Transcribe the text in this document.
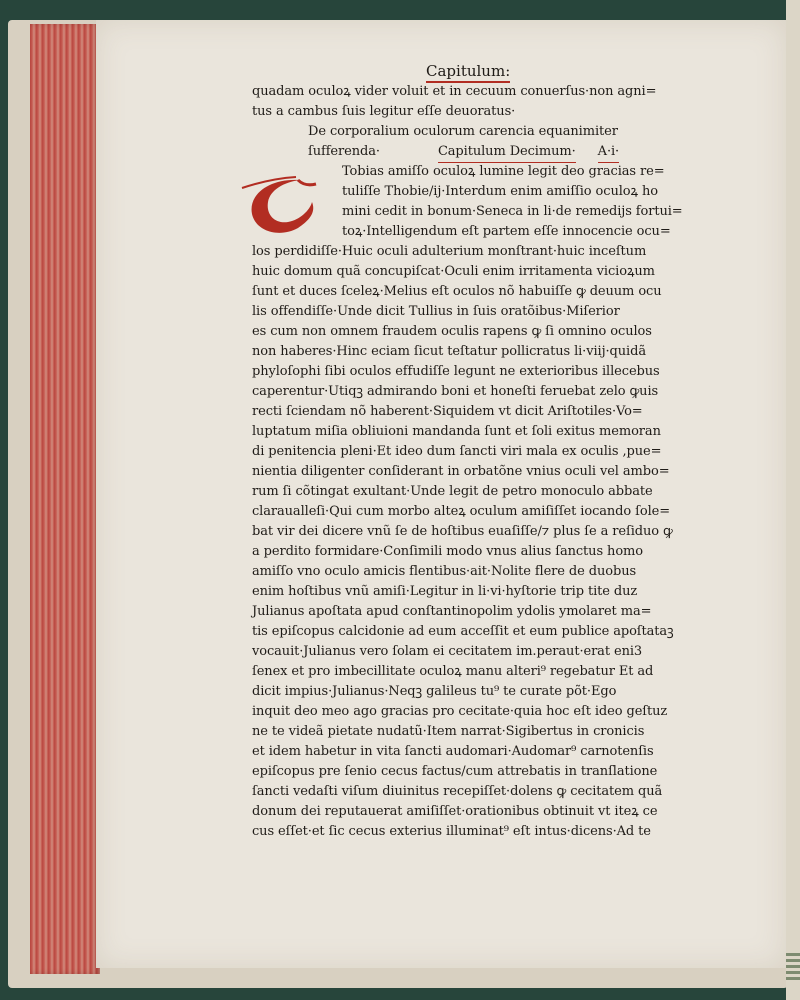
Capitulum:
quadam oculoꝝ vider voluit et in cecuum conuerſus·non agni=
tus a cambus ſuis legitur eſſe deuoratus·
De corporalium oculorum carencia equanimiter
ſufferenda·	Capitulum Decimum· A·i·
Tobias amiſſo oculoꝝ lumine legit deo gracias re=
tuliſſe Thobie/ij·Interdum enim amiſſio oculoꝝ ho
mini cedit in bonum·Seneca in li·de remedijs fortui=
toꝝ·Intelligendum eſt partem eſſe innocencie ocu=
los perdidiſſe·Huic oculi adulterium monſtrant·huic inceſtum
huic domum quã concupiſcat·Oculi enim irritamenta vicioꝝum
ſunt et duces ſceleꝝ·Melius eſt oculos nõ habuiſſe ꝙ deuum ocu
lis offendiſſe·Unde dicit Tullius in ſuis oratõibus·Miſerior
es cum non omnem fraudem oculis rapens ꝙ ſi omnino oculos
non haberes·Hinc eciam ſicut teſtatur pollicratus li·viij·quidã
phyloſophi ſibi oculos effudiſſe legunt ne exterioribus illecebus
caperentur·Utiqꝫ admirando boni et honeſti feruebat zelo ꝙuis
recti ſciendam nõ haberent·Siquidem vt dicit Ariſtotiles·Vo=
luptatum miſia obliuioni mandanda ſunt et ſoli exitus memoran
di penitencia pleni·Et ideo dum ſancti viri mala ex oculis ,pue=
nientia diligenter conſiderant in orbatõne vnius oculi vel ambo=
rum ſi cõtingat exultant·Unde legit de petro monoculo abbate
claraualleſi·Qui cum morbo alteꝝ oculum amiſiſſet iocando ſole=
bat vir dei dicere vnũ ſe de hoſtibus euaſiſſe/⁊ plus ſe a reſiduo ꝙ
a perdito formidare·Conſimili modo vnus alius ſanctus homo
amiſſo vno oculo amicis flentibus·ait·Nolite flere de duobus
enim hoſtibus vnũ amiſi·Legitur in li·vi·hyſtorie trip tite duz
Julianus apoſtata apud conſtantinopolim ydolis ymolaret ma=
tis epiſcopus calcidonie ad eum acceſſit et eum publice apoſtataꝫ
vocauit·Julianus vero ſolam ei cecitatem im.peraut·erat eni3
ſenex et pro imbecillitate oculoꝝ manu alteri⁹ regebatur Et ad
dicit impius·Julianus·Neqꝫ galileus tu⁹ te curate põt·Ego
inquit deo meo ago gracias pro cecitate·quia hoc eſt ideo geſtuz
ne te videã pietate nudatũ·Item narrat·Sigibertus in cronicis
et idem habetur in vita ſancti audomari·Audomar⁹ carnotenſis
epiſcopus pre ſenio cecus factus/cum attrebatis in tranſlatione
ſancti vedaſti viſum diuinitus recepiſſet·dolens ꝙ cecitatem quã
donum dei reputauerat amiſiſſet·orationibus obtinuit vt iteꝝ ce
cus eſſet·et ſic cecus exterius illuminat⁹ eſt intus·dicens·Ad te
